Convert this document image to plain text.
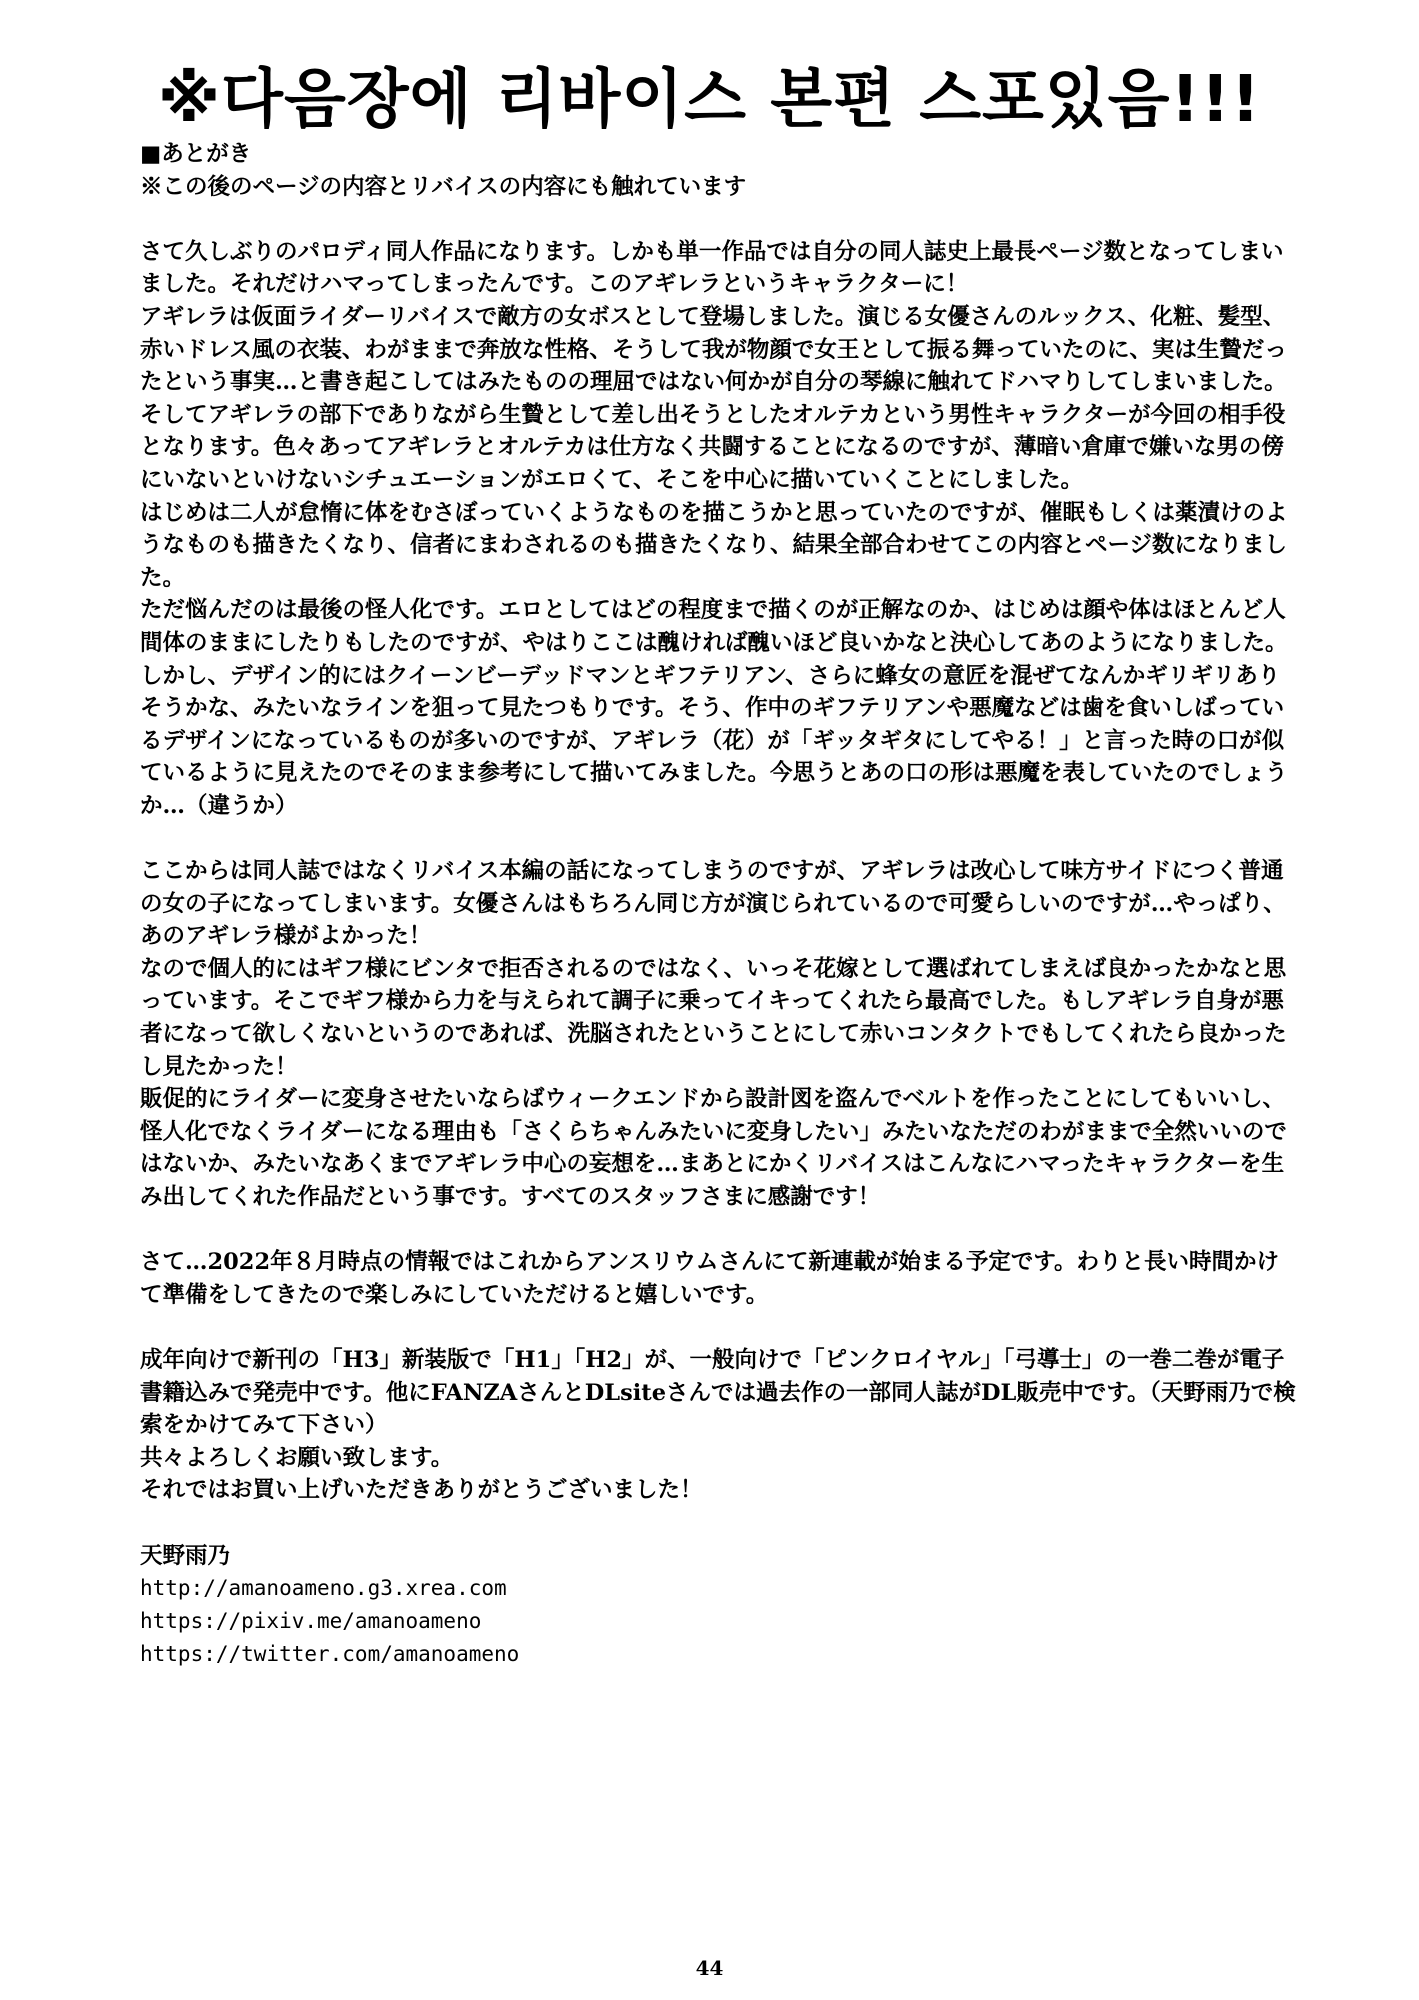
※다음장에 리바이스 본편 스포있음!!!

■あとがき

※この後のページの内容とリバイスの内容にも触れています

さて久しぶりのパロディ同人作品になります。しかも単一作品では自分の同人誌史上最長ページ数となってしまいました。それだけハマってしまったんです。このアギレラというキャラクターに！

アギレラは仮面ライダーリバイスで敵方の女ボスとして登場しました。演じる女優さんのルックス、化粧、髪型、赤いドレス風の衣装、わがままで奔放な性格、そうして我が物顔で女王として振る舞っていたのに、実は生贄だったという事実…と書き起こしてはみたものの理屈ではない何かが自分の琴線に触れてドハマりしてしまいました。

そしてアギレラの部下でありながら生贄として差し出そうとしたオルテカという男性キャラクターが今回の相手役となります。色々あってアギレラとオルテカは仕方なく共闘することになるのですが、薄暗い倉庫で嫌いな男の傍にいないといけないシチュエーションがエロくて、そこを中心に描いていくことにしました。

はじめは二人が怠惰に体をむさぼっていくようなものを描こうかと思っていたのですが、催眠もしくは薬漬けのようなものも描きたくなり、信者にまわされるのも描きたくなり、結果全部合わせてこの内容とページ数になりました。

ただ悩んだのは最後の怪人化です。エロとしてはどの程度まで描くのが正解なのか、はじめは顔や体はほとんど人間体のままにしたりもしたのですが、やはりここは醜ければ醜いほど良いかなと決心してあのようになりました。しかし、デザイン的にはクイーンビーデッドマンとギフテリアン、さらに蜂女の意匠を混ぜてなんかギリギリありそうかな、みたいなラインを狙って見たつもりです。そう、作中のギフテリアンや悪魔などは歯を食いしばっているデザインになっているものが多いのですが、アギレラ（花）が「ギッタギタにしてやる！」と言った時の口が似ているように見えたのでそのまま参考にして描いてみました。今思うとあの口の形は悪魔を表していたのでしょうか…（違うか）

ここからは同人誌ではなくリバイス本編の話になってしまうのですが、アギレラは改心して味方サイドにつく普通の女の子になってしまいます。女優さんはもちろん同じ方が演じられているので可愛らしいのですが…やっぱり、あのアギレラ様がよかった！

なので個人的にはギフ様にビンタで拒否されるのではなく、いっそ花嫁として選ばれてしまえば良かったかなと思っています。そこでギフ様から力を与えられて調子に乗ってイキってくれたら最高でした。もしアギレラ自身が悪者になって欲しくないというのであれば、洗脳されたということにして赤いコンタクトでもしてくれたら良かったし見たかった！

販促的にライダーに変身させたいならばウィークエンドから設計図を盗んでベルトを作ったことにしてもいいし、怪人化でなくライダーになる理由も「さくらちゃんみたいに変身したい」みたいなただのわがままで全然いいのではないか、みたいなあくまでアギレラ中心の妄想を…まあとにかくリバイスはこんなにハマったキャラクターを生み出してくれた作品だという事です。すべてのスタッフさまに感謝です！

さて…2022年８月時点の情報ではこれからアンスリウムさんにて新連載が始まる予定です。わりと長い時間かけて準備をしてきたので楽しみにしていただけると嬉しいです。

成年向けで新刊の「H3」新装版で「H1」「H2」が、一般向けで「ピンクロイヤル」「弓導士」の一巻二巻が電子書籍込みで発売中です。他にFANZAさんとDLsiteさんでは過去作の一部同人誌がDL販売中です。（天野雨乃で検索をかけてみて下さい）

共々よろしくお願い致します。

それではお買い上げいただきありがとうございました！

天野雨乃

http://amanoameno.g3.xrea.com
https://pixiv.me/amanoameno
https://twitter.com/amanoameno
44
